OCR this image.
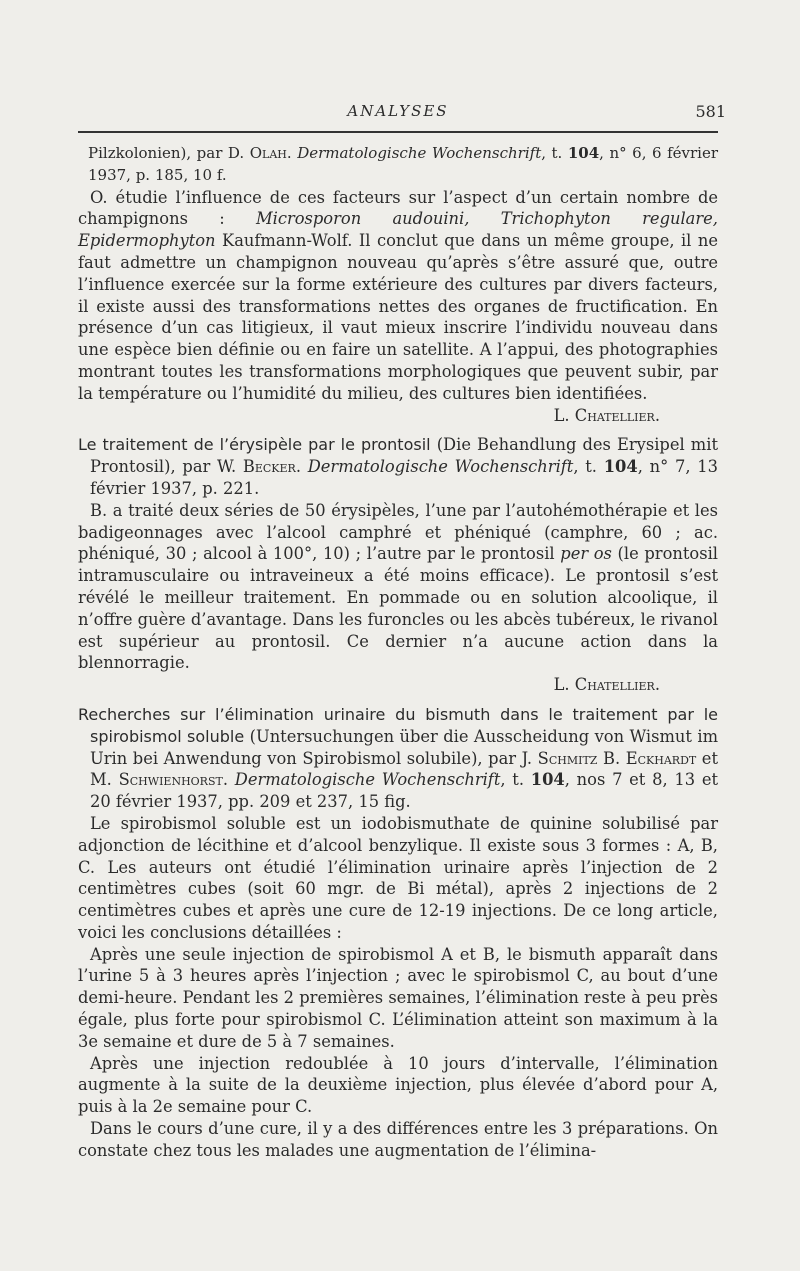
ANALYSES	581

Pilzkolonien), par D. Olah. Dermatologische Wochenschrift, t. 104, n° 6, 6 février 1937, p. 185, 10 f.

O. étudie l’influence de ces facteurs sur l’aspect d’un certain nombre de champignons : Microsporon audouini, Trichophyton regulare, Epidermophyton Kaufmann-Wolf. Il conclut que dans un même groupe, il ne faut admettre un champignon nouveau qu’après s’être assuré que, outre l’influence exercée sur la forme extérieure des cultures par divers facteurs, il existe aussi des transformations nettes des organes de fructification. En présence d’un cas litigieux, il vaut mieux inscrire l’individu nouveau dans une espèce bien définie ou en faire un satellite. A l’appui, des photographies montrant toutes les transformations morphologiques que peuvent subir, par la température ou l’humidité du milieu, des cultures bien identifiées.

L. Chatellier.

Le traitement de l’érysipèle par le prontosil (Die Behandlung des Erysipel mit Prontosil), par W. Becker. Dermatologische Wochenschrift, t. 104, n° 7, 13 février 1937, p. 221.

B. a traité deux séries de 50 érysipèles, l’une par l’autohémothérapie et les badigeonnages avec l’alcool camphré et phéniqué (camphre, 60 ; ac. phéniqué, 30 ; alcool à 100°, 10) ; l’autre par le prontosil per os (le prontosil intramusculaire ou intraveineux a été moins efficace). Le prontosil s’est révélé le meilleur traitement. En pommade ou en solution alcoolique, il n’offre guère d’avantage. Dans les furoncles ou les abcès tubéreux, le rivanol est supérieur au prontosil. Ce dernier n’a aucune action dans la blennorragie.

L. Chatellier.

Recherches sur l’élimination urinaire du bismuth dans le traitement par le spirobismol soluble (Untersuchungen über die Ausscheidung von Wismut im Urin bei Anwendung von Spirobismol solubile), par J. Schmitz B. Eckhardt et M. Schwienhorst. Dermatologische Wochenschrift, t. 104, nos 7 et 8, 13 et 20 février 1937, pp. 209 et 237, 15 fig.

Le spirobismol soluble est un iodobismuthate de quinine solubilisé par adjonction de lécithine et d’alcool benzylique. Il existe sous 3 formes : A, B, C. Les auteurs ont étudié l’élimination urinaire après l’injection de 2 centimètres cubes (soit 60 mgr. de Bi métal), après 2 injections de 2 centimètres cubes et après une cure de 12-19 injections. De ce long article, voici les conclusions détaillées :

Après une seule injection de spirobismol A et B, le bismuth apparaît dans l’urine 5 à 3 heures après l’injection ; avec le spirobismol C, au bout d’une demi-heure. Pendant les 2 premières semaines, l’élimination reste à peu près égale, plus forte pour spirobismol C. L’élimination atteint son maximum à la 3e semaine et dure de 5 à 7 semaines.

Après une injection redoublée à 10 jours d’intervalle, l’élimination augmente à la suite de la deuxième injection, plus élevée d’abord pour A, puis à la 2e semaine pour C.

Dans le cours d’une cure, il y a des différences entre les 3 préparations. On constate chez tous les malades une augmentation de l’élimina-
